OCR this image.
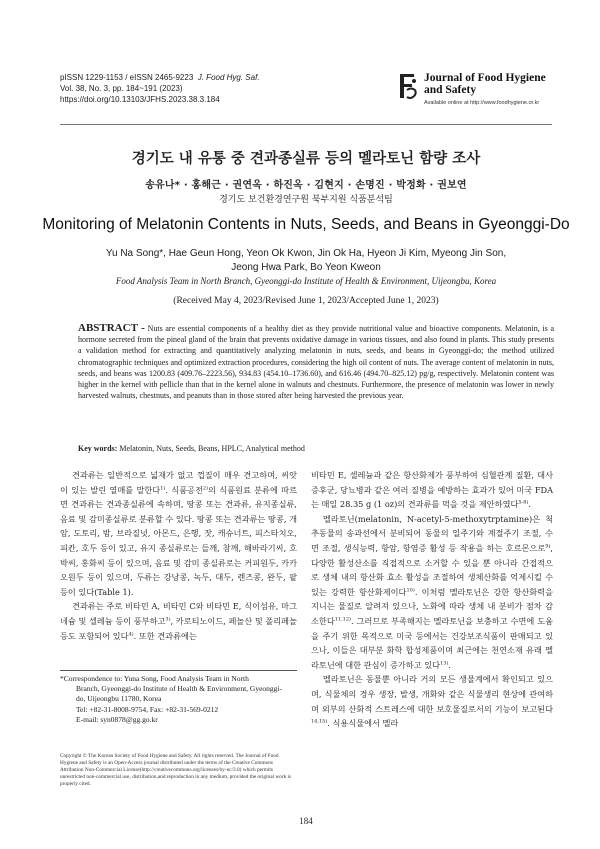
pISSN 1229-1153 / eISSN 2465-9223 J. Food Hyg. Saf.
Vol. 38, No. 3, pp. 184~191 (2023)
https://doi.org/10.13103/JFHS.2023.38.3.184
Journal of Food Hygiene
and Safety
Available online at http://www.foodhygiene.or.kr
경기도 내 유통 중 견과종실류 등의 멜라토닌 함량 조사
송유나* · 홍해근 · 권연옥 · 하진옥 · 김현지 · 손명진 · 박정화 · 권보연
경기도 보건환경연구원 북부지원 식품분석팀
Monitoring of Melatonin Contents in Nuts, Seeds, and Beans in Gyeonggi-Do
Yu Na Song*, Hae Geun Hong, Yeon Ok Kwon, Jin Ok Ha, Hyeon Ji Kim, Myeong Jin Son,
Jeong Hwa Park, Bo Yeon Kweon
Food Analysis Team in North Branch, Gyeonggi-do Institute of Health & Environment, Uijeongbu, Korea
(Received May 4, 2023/Revised June 1, 2023/Accepted June 1, 2023)
ABSTRACT - Nuts are essential components of a healthy diet as they provide nutritional value and bioactive components. Melatonin, is a hormone secreted from the pineal gland of the brain that prevents oxidative damage in various tissues, and also found in plants. This study presents a validation method for extracting and quantitatively analyzing melatonin in nuts, seeds, and beans in Gyeonggi-do; the method utilized chromatographic techniques and optimized extraction procedures, considering the high oil content of nuts. The average content of melatonin in nuts, seeds, and beans was 1200.83 (409.76–2223.56), 934.83 (454.10–1736.60), and 616.46 (494.70–825.12) pg/g, respectively. Melatonin content was higher in the kernel with pellicle than that in the kernel alone in walnuts and chestnuts. Furthermore, the presence of melatonin was lower in newly harvested walnuts, chestnuts, and peanuts than in those stored after being harvested the previous year.
Key words: Melatonin, Nuts, Seeds, Beans, HPLC, Analytical method

견과류는 일반적으로 넓재가 없고 껍질이 매우 견고하며, 씨앗이 있는 발린 열매를 말한다$^{1)}$. 식품공전$^{2)}$의 식품원료 분류에 따르면 견과류는 견과종실류에 속하며, 땅콩 또는 견과류, 유지종실류, 음료 및 감미종실류로 분류할 수 있다. 땅콩 또는 견과류는 땅콩, 개암, 도토리, 밤, 브라질넛, 아몬드, 은행, 잣, 캐슈너트, 피스타치오, 피칸, 호두 등이 있고, 유지 종실류로는 들깨, 참깨, 해바라기씨, 호박씨, 홍화씨 등이 있으며, 음료 및 감미 종실류로는 커피원두, 카카오원두 등이 있으며, 두류는 강낭콩, 녹두, 대두, 렌즈콩, 완두, 팥 등이 있다(Table 1).

견과류는 주로 비타민 A, 비타민 C와 비타민 E, 식이섬유, 마그네슘 및 셀레늄 등이 풍부하고$^{3)}$, 카로티노이드, 페놀산 및 폴리페놀 등도 포함되어 있다$^{4)}$. 또한 견과류에는

*Correspondence to: Yuna Song, Food Analysis Team in North
Branch, Gyeonggi-do Institute of Health & Environment, Gyeonggi-
do, Uijeongbu 11780, Korea
Tel: +82-31-8008-9754, Fax: +82-31-569-0212
E-mail: syn0878@gg.go.kr
Copyright © The Korean Society of Food Hygiene and Safety. All rights reserved. The Journal of Food Hygiene and Safety is an Open-Access journal distributed under the terms of the Creative Commons Attribution Non-Commercial License(http://creativecommons.org/licenses/by-nc/3.0) which permits unrestricted non-commercial use, distribution,and reproduction in any medium, provided the original work is properly cited.

비타민 E, 셀레늄과 같은 항산화제가 풍부하여 심혈관계 질환, 대사증후군, 당뇨병과 같은 여러 질병을 예방하는 효과가 있어 미국 FDA는 매일 28.35 g (1 oz)의 견과류를 먹을 것을 제안하였다$^{5-8)}$.

멜라토닌(melatonin, N-acetyl-5-methoxytrptamine)은 척추동물의 송과선에서 분비되어 동물의 일주기와 계절주기 조절, 수면 조절, 생식능력, 항암, 항염증 활성 등 작용을 하는 호르몬으로$^{9)}$, 다양한 활성산소를 직접적으로 소거할 수 있을 뿐 아니라 간접적으로 생체 내의 항산화 효소 활성을 조절하여 생체산화를 억제시킬 수 있는 강력한 항산화제이다$^{10)}$. 이처럼 멜라토닌은 강한 항산화력을 지니는 물질로 알려져 있으나, 노화에 따라 생체 내 분비가 점차 감소한다$^{11,12)}$. 그러므로 부족해지는 멜라토닌을 보충하고 수면에 도움을 주기 위한 목적으로 미국 등에서는 건강보조식품이 판매되고 있으나, 이들은 대부분 화학 합성제품이며 최근에는 천연소재 유래 멜라토닌에 대한 관심이 증가하고 있다$^{13)}$.

멜라토닌은 동물뿐 아니라 거의 모든 생물계에서 확인되고 있으며, 식물체의 경우 생장, 발생, 개화와 같은 식물생리 현상에 관여하며 외부의 산화적 스트레스에 대한 보호물질로서의 기능이 보고된다$^{14,15)}$. 식용식물에서 멜라

184
